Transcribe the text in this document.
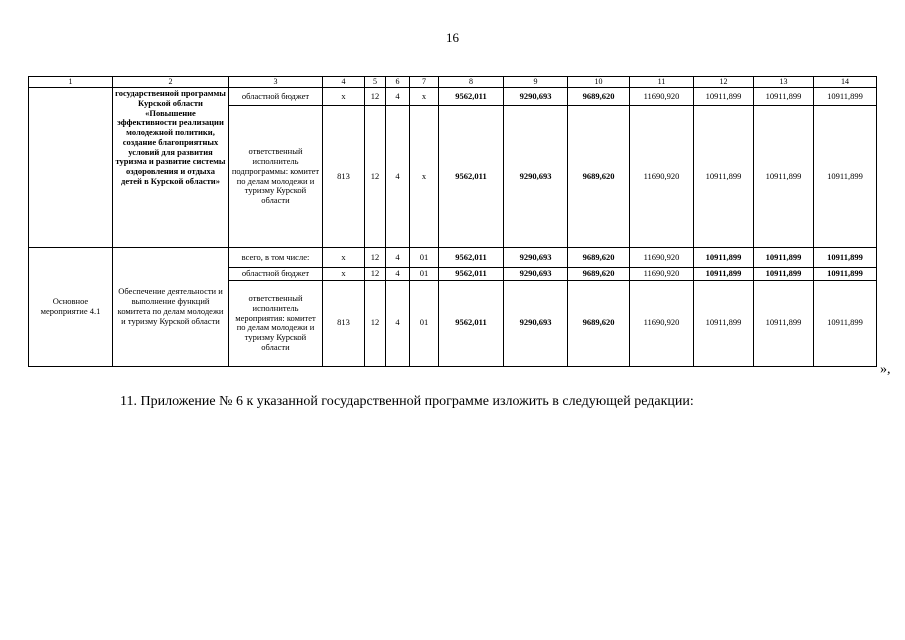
16
1	2	3	4	5	6	7	8	9	10	11	12	13	14
	государственной программы Курской области «Повышение эффективности реализации молодежной политики, создание благоприятных условий для развития туризма и развитие системы оздоровления и отдыха детей в Курской области»	областной бюджет	x	12	4	x	9562,011	9290,693	9689,620	11690,920	10911,899	10911,899	10911,899
		ответственный исполнитель подпрограммы: комитет по делам молодежи и туризму Курской области	813	12	4	x	9562,011	9290,693	9689,620	11690,920	10911,899	10911,899	10911,899
Основное мероприятие 4.1	Обеспечение деятельности и выполнение функций комитета по делам молодежи и туризму Курской области	всего, в том числе:	x	12	4	01	9562,011	9290,693	9689,620	11690,920	10911,899	10911,899	10911,899
		областной бюджет	x	12	4	01	9562,011	9290,693	9689,620	11690,920	10911,899	10911,899	10911,899
		ответственный исполнитель мероприятия: комитет по делам молодежи и туризму Курской области	813	12	4	01	9562,011	9290,693	9689,620	11690,920	10911,899	10911,899	10911,899
»,
11. Приложение № 6 к указанной государственной программе изложить в следующей редакции:
